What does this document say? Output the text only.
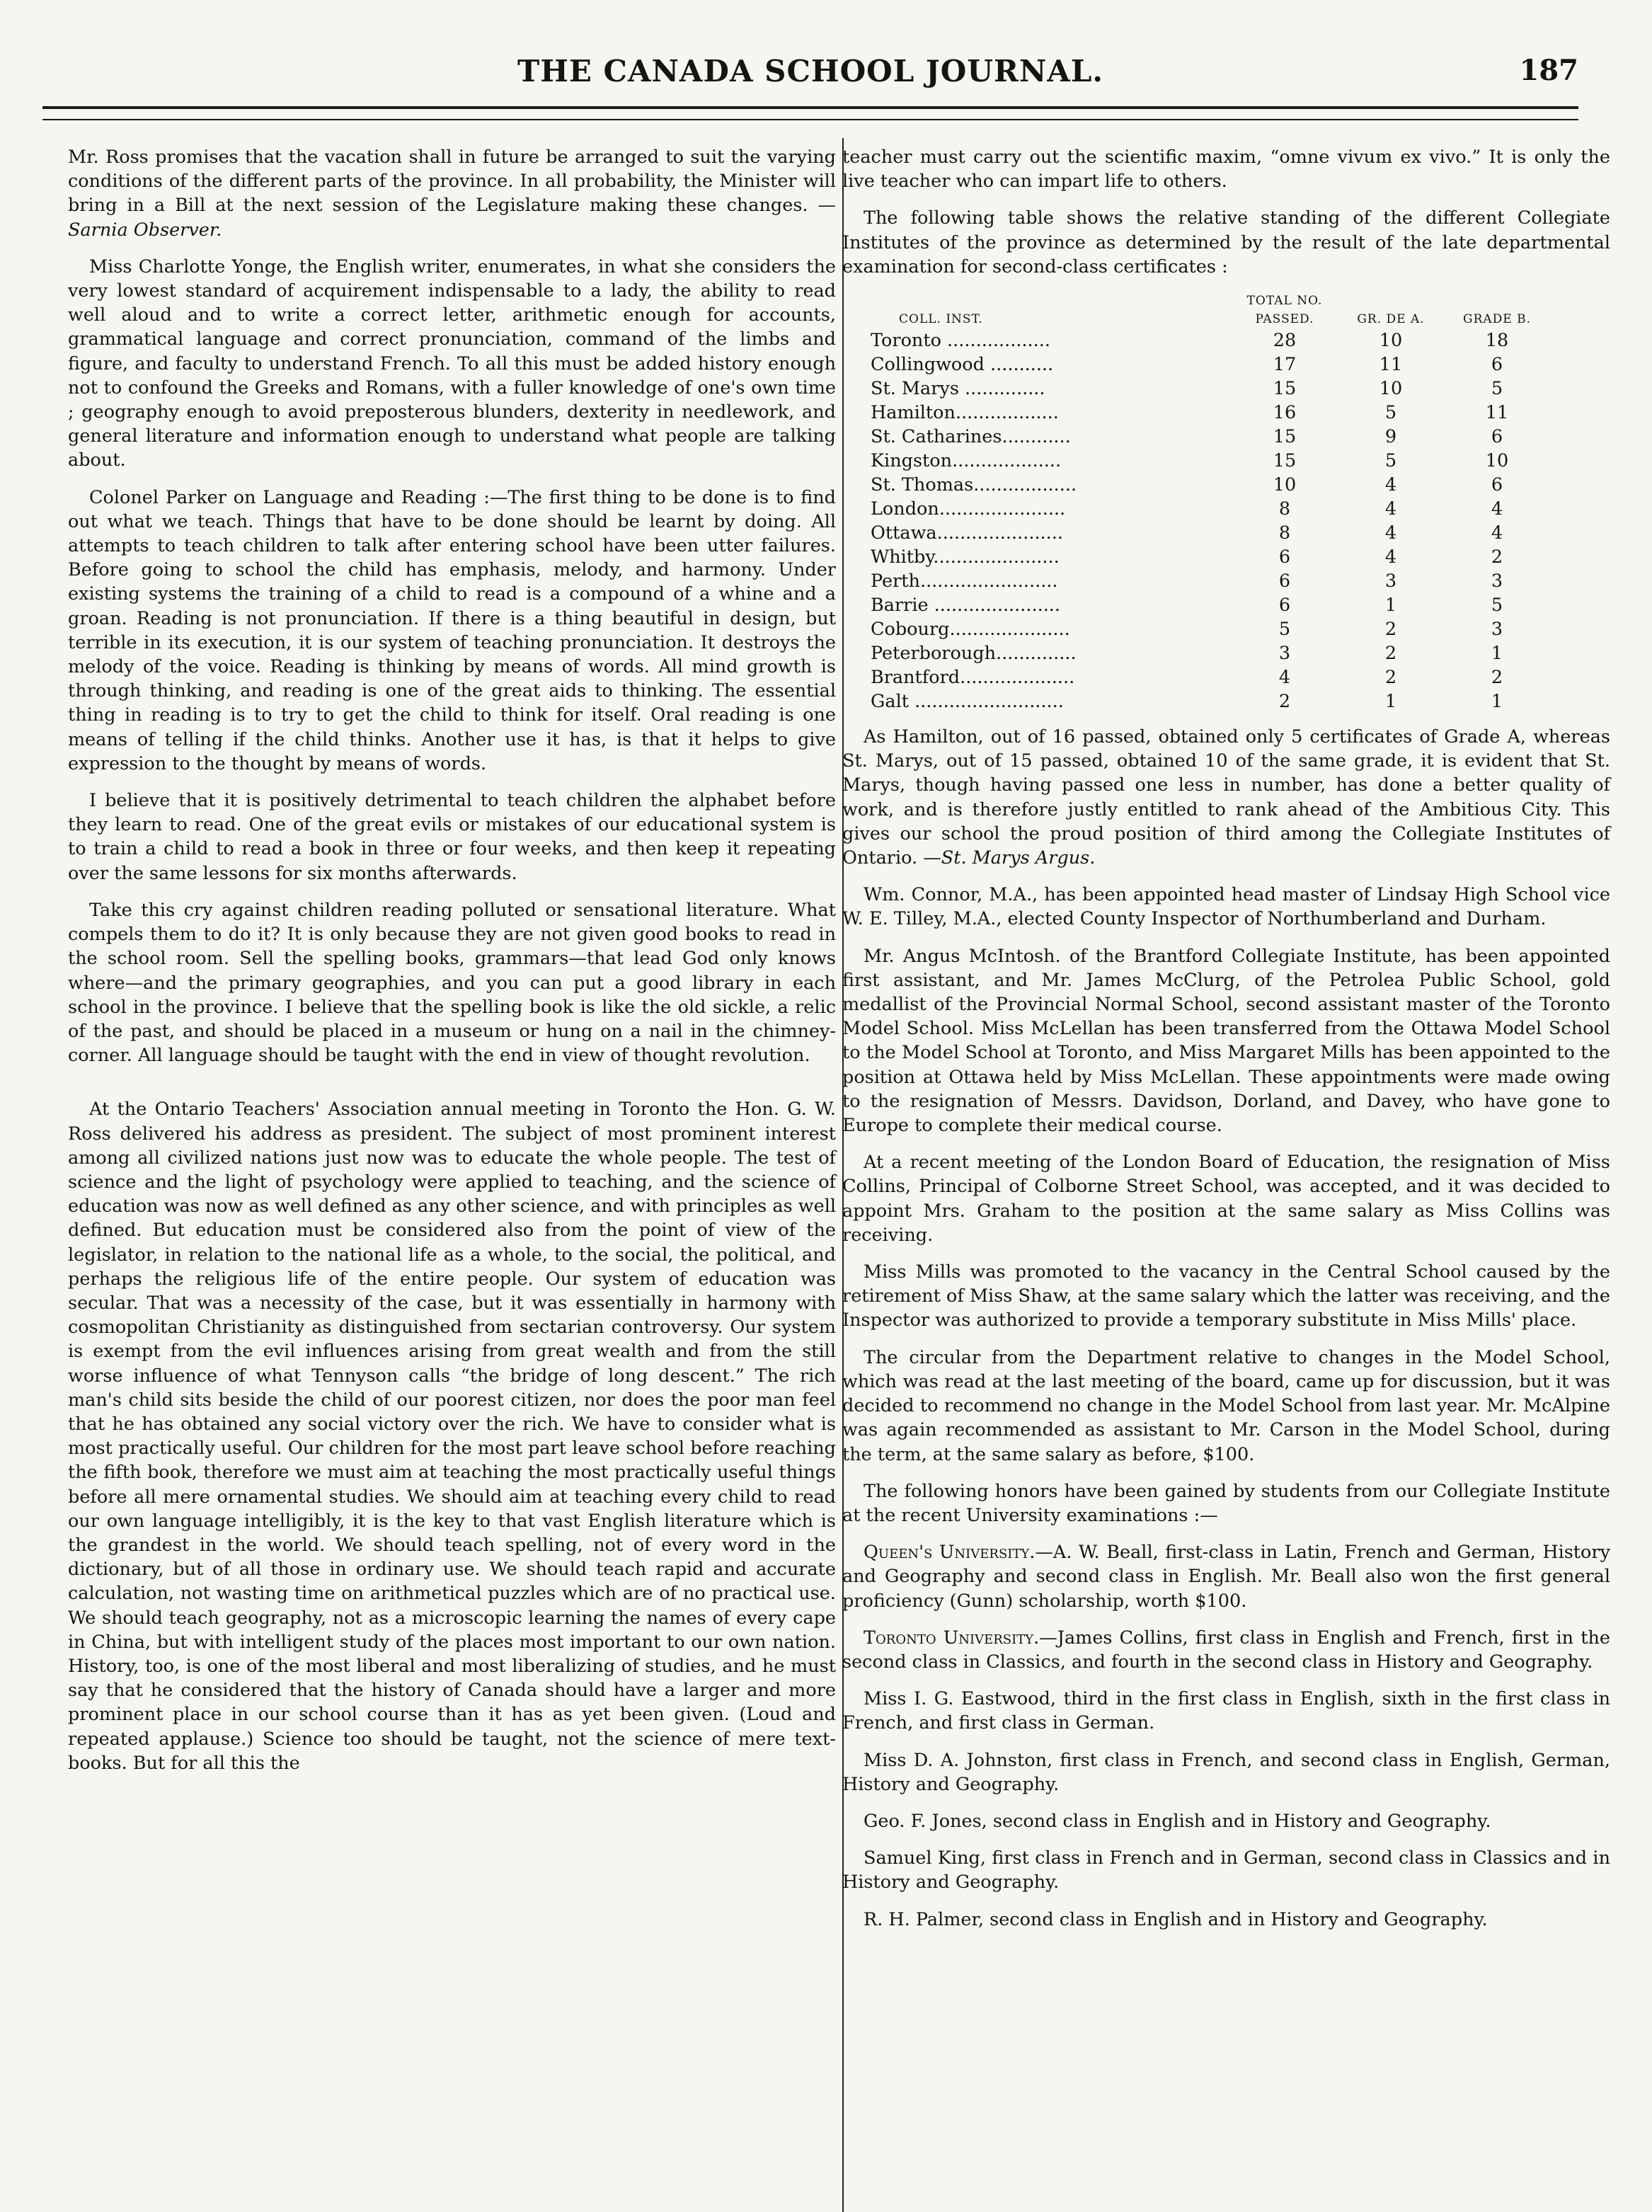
THE CANADA SCHOOL JOURNAL.	187

Mr. Ross promises that the vacation shall in future be arranged to suit the varying conditions of the different parts of the province. In all probability, the Minister will bring in a Bill at the next session of the Legislature making these changes. —Sarnia Observer.

Miss Charlotte Yonge, the English writer, enumerates, in what she considers the very lowest standard of acquirement indispensable to a lady, the ability to read well aloud and to write a correct letter, arithmetic enough for accounts, grammatical language and correct pronunciation, command of the limbs and figure, and faculty to understand French. To all this must be added history enough not to confound the Greeks and Romans, with a fuller knowledge of one's own time ; geography enough to avoid preposterous blunders, dexterity in needlework, and general literature and information enough to understand what people are talking about.

Colonel Parker on Language and Reading :—The first thing to be done is to find out what we teach. Things that have to be done should be learnt by doing. All attempts to teach children to talk after entering school have been utter failures. Before going to school the child has emphasis, melody, and harmony. Under existing systems the training of a child to read is a compound of a whine and a groan. Reading is not pronunciation. If there is a thing beautiful in design, but terrible in its execution, it is our system of teaching pronunciation. It destroys the melody of the voice. Reading is thinking by means of words. All mind growth is through thinking, and reading is one of the great aids to thinking. The essential thing in reading is to try to get the child to think for itself. Oral reading is one means of telling if the child thinks. Another use it has, is that it helps to give expression to the thought by means of words.

I believe that it is positively detrimental to teach children the alphabet before they learn to read. One of the great evils or mistakes of our educational system is to train a child to read a book in three or four weeks, and then keep it repeating over the same lessons for six months afterwards.

Take this cry against children reading polluted or sensational literature. What compels them to do it? It is only because they are not given good books to read in the school room. Sell the spelling books, grammars—that lead God only knows where—and the primary geographies, and you can put a good library in each school in the province. I believe that the spelling book is like the old sickle, a relic of the past, and should be placed in a museum or hung on a nail in the chimney-corner. All language should be taught with the end in view of thought revolution.

At the Ontario Teachers' Association annual meeting in Toronto the Hon. G. W. Ross delivered his address as president. The subject of most prominent interest among all civilized nations just now was to educate the whole people. The test of science and the light of psychology were applied to teaching, and the science of education was now as well defined as any other science, and with principles as well defined. But education must be considered also from the point of view of the legislator, in relation to the national life as a whole, to the social, the political, and perhaps the religious life of the entire people. Our system of education was secular. That was a necessity of the case, but it was essentially in harmony with cosmopolitan Christianity as distinguished from sectarian controversy. Our system is exempt from the evil influences arising from great wealth and from the still worse influence of what Tennyson calls “the bridge of long descent.” The rich man's child sits beside the child of our poorest citizen, nor does the poor man feel that he has obtained any social victory over the rich. We have to consider what is most practically useful. Our children for the most part leave school before reaching the fifth book, therefore we must aim at teaching the most practically useful things before all mere ornamental studies. We should aim at teaching every child to read our own language intelligibly, it is the key to that vast English literature which is the grandest in the world. We should teach spelling, not of every word in the dictionary, but of all those in ordinary use. We should teach rapid and accurate calculation, not wasting time on arithmetical puzzles which are of no practical use. We should teach geography, not as a microscopic learning the names of every cape in China, but with intelligent study of the places most important to our own nation. History, too, is one of the most liberal and most liberalizing of studies, and he must say that he considered that the history of Canada should have a larger and more prominent place in our school course than it has as yet been given. (Loud and repeated applause.) Science too should be taught, not the science of mere text-books. But for all this the

teacher must carry out the scientific maxim, “omne vivum ex vivo.” It is only the live teacher who can impart life to others.

The following table shows the relative standing of the different Collegiate Institutes of the province as determined by the result of the late departmental examination for second-class certificates :

	TOTAL NO.		
COLL. INST.	PASSED.	GR. DE A.	GRADE B.
Toronto ..................	28	10	18
Collingwood ...........	17	11	6
St. Marys ..............	15	10	5
Hamilton..................	16	5	11
St. Catharines............	15	9	6
Kingston...................	15	5	10
St. Thomas..................	10	4	6
London......................	8	4	4
Ottawa......................	8	4	4
Whitby......................	6	4	2
Perth........................	6	3	3
Barrie ......................	6	1	5
Cobourg.....................	5	2	3
Peterborough..............	3	2	1
Brantford....................	4	2	2
Galt ..........................	2	1	1

As Hamilton, out of 16 passed, obtained only 5 certificates of Grade A, whereas St. Marys, out of 15 passed, obtained 10 of the same grade, it is evident that St. Marys, though having passed one less in number, has done a better quality of work, and is therefore justly entitled to rank ahead of the Ambitious City. This gives our school the proud position of third among the Collegiate Institutes of Ontario. —St. Marys Argus.

Wm. Connor, M.A., has been appointed head master of Lindsay High School vice W. E. Tilley, M.A., elected County Inspector of Northumberland and Durham.

Mr. Angus McIntosh. of the Brantford Collegiate Institute, has been appointed first assistant, and Mr. James McClurg, of the Petrolea Public School, gold medallist of the Provincial Normal School, second assistant master of the Toronto Model School. Miss McLellan has been transferred from the Ottawa Model School to the Model School at Toronto, and Miss Margaret Mills has been appointed to the position at Ottawa held by Miss McLellan. These appointments were made owing to the resignation of Messrs. Davidson, Dorland, and Davey, who have gone to Europe to complete their medical course.

At a recent meeting of the London Board of Education, the resignation of Miss Collins, Principal of Colborne Street School, was accepted, and it was decided to appoint Mrs. Graham to the position at the same salary as Miss Collins was receiving.

Miss Mills was promoted to the vacancy in the Central School caused by the retirement of Miss Shaw, at the same salary which the latter was receiving, and the Inspector was authorized to provide a temporary substitute in Miss Mills' place.

The circular from the Department relative to changes in the Model School, which was read at the last meeting of the board, came up for discussion, but it was decided to recommend no change in the Model School from last year. Mr. McAlpine was again recommended as assistant to Mr. Carson in the Model School, during the term, at the same salary as before, $100.

The following honors have been gained by students from our Collegiate Institute at the recent University examinations :—

Queen's University.—A. W. Beall, first-class in Latin, French and German, History and Geography and second class in English. Mr. Beall also won the first general proficiency (Gunn) scholarship, worth $100.

Toronto University.—James Collins, first class in English and French, first in the second class in Classics, and fourth in the second class in History and Geography.

Miss I. G. Eastwood, third in the first class in English, sixth in the first class in French, and first class in German.

Miss D. A. Johnston, first class in French, and second class in English, German, History and Geography.

Geo. F. Jones, second class in English and in History and Geography.

Samuel King, first class in French and in German, second class in Classics and in History and Geography.

R. H. Palmer, second class in English and in History and Geography.
